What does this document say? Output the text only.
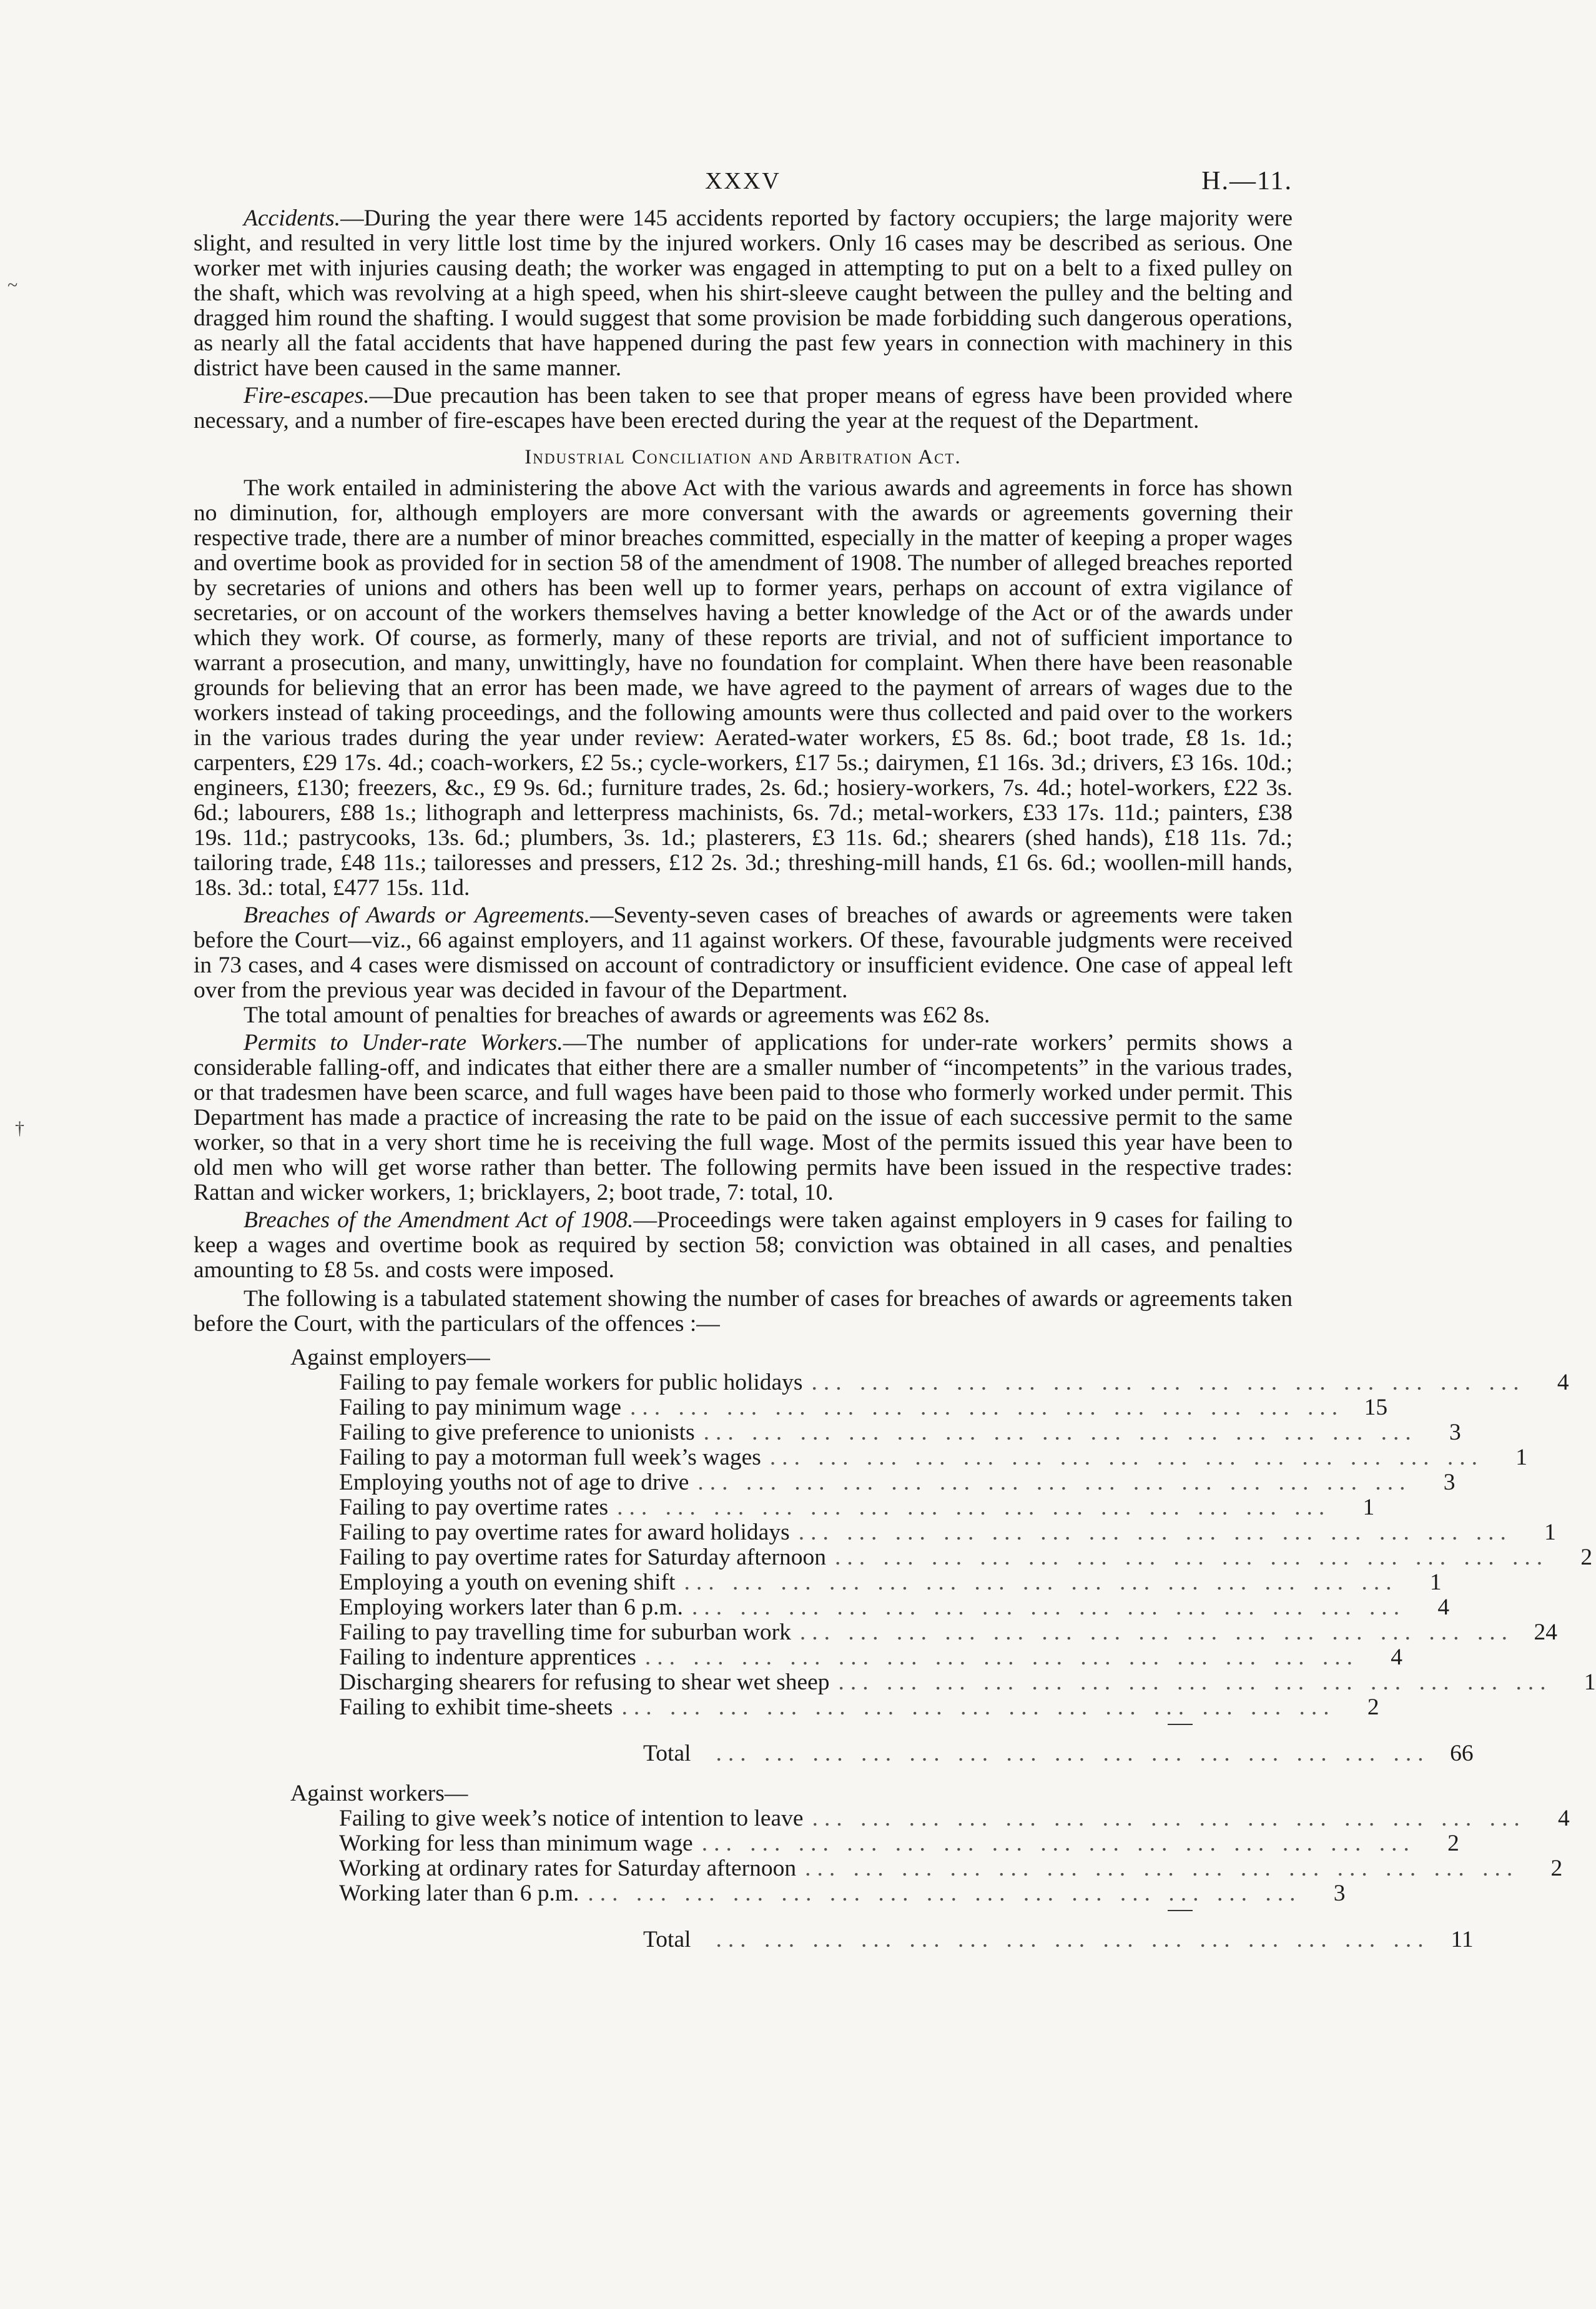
~
†
XXXV	H.—11.

Accidents.—During the year there were 145 accidents reported by factory occupiers; the large majority were slight, and resulted in very little lost time by the injured workers. Only 16 cases may be described as serious. One worker met with injuries causing death; the worker was engaged in attempting to put on a belt to a fixed pulley on the shaft, which was revolving at a high speed, when his shirt-sleeve caught between the pulley and the belting and dragged him round the shafting. I would suggest that some provision be made forbidding such dangerous operations, as nearly all the fatal accidents that have happened during the past few years in connection with machinery in this district have been caused in the same manner.

Fire-escapes.—Due precaution has been taken to see that proper means of egress have been provided where necessary, and a number of fire-escapes have been erected during the year at the request of the Department.

Industrial Conciliation and Arbitration Act.

The work entailed in administering the above Act with the various awards and agreements in force has shown no diminution, for, although employers are more conversant with the awards or agreements governing their respective trade, there are a number of minor breaches committed, especially in the matter of keeping a proper wages and overtime book as provided for in section 58 of the amendment of 1908. The number of alleged breaches reported by secretaries of unions and others has been well up to former years, perhaps on account of extra vigilance of secretaries, or on account of the workers themselves having a better knowledge of the Act or of the awards under which they work. Of course, as formerly, many of these reports are trivial, and not of sufficient importance to warrant a prosecution, and many, unwittingly, have no foundation for complaint. When there have been reasonable grounds for believing that an error has been made, we have agreed to the payment of arrears of wages due to the workers instead of taking proceedings, and the following amounts were thus collected and paid over to the workers in the various trades during the year under review: Aerated-water workers, £5 8s. 6d.; boot trade, £8 1s. 1d.; carpenters, £29 17s. 4d.; coach-workers, £2 5s.; cycle-workers, £17 5s.; dairymen, £1 16s. 3d.; drivers, £3 16s. 10d.; engineers, £130; freezers, &c., £9 9s. 6d.; furniture trades, 2s. 6d.; hosiery-workers, 7s. 4d.; hotel-workers, £22 3s. 6d.; labourers, £88 1s.; lithograph and letterpress machinists, 6s. 7d.; metal-workers, £33 17s. 11d.; painters, £38 19s. 11d.; pastrycooks, 13s. 6d.; plumbers, 3s. 1d.; plasterers, £3 11s. 6d.; shearers (shed hands), £18 11s. 7d.; tailoring trade, £48 11s.; tailoresses and pressers, £12 2s. 3d.; threshing-mill hands, £1 6s. 6d.; woollen-mill hands, 18s. 3d.: total, £477 15s. 11d.

Breaches of Awards or Agreements.—Seventy-seven cases of breaches of awards or agreements were taken before the Court—viz., 66 against employers, and 11 against workers. Of these, favourable judgments were received in 73 cases, and 4 cases were dismissed on account of contradictory or insufficient evidence. One case of appeal left over from the previous year was decided in favour of the Department.

The total amount of penalties for breaches of awards or agreements was £62 8s.

Permits to Under-rate Workers.—The number of applications for under-rate workers’ permits shows a considerable falling-off, and indicates that either there are a smaller number of “incompetents” in the various trades, or that tradesmen have been scarce, and full wages have been paid to those who formerly worked under permit. This Department has made a practice of increasing the rate to be paid on the issue of each successive permit to the same worker, so that in a very short time he is receiving the full wage. Most of the permits issued this year have been to old men who will get worse rather than better. The following permits have been issued in the respective trades: Rattan and wicker workers, 1; bricklayers, 2; boot trade, 7: total, 10.

Breaches of the Amendment Act of 1908.—Proceedings were taken against employers in 9 cases for failing to keep a wages and overtime book as required by section 58; conviction was obtained in all cases, and penalties amounting to £8 5s. and costs were imposed.

The following is a tabulated statement showing the number of cases for breaches of awards or agreements taken before the Court, with the particulars of the offences :—

Against employers—
Failing to pay female workers for public holidays ... ... ... ... ... ... ... ... ... ... ... ... ... ... ...	4
Failing to pay minimum wage ... ... ... ... ... ... ... ... ... ... ... ... ... ... ... 15
Failing to give preference to unionists ... ... ... ... ... ... ... ... ... ... ... ... ... ... ...	3
Failing to pay a motorman full week’s wages ... ... ... ... ... ... ... ... ... ... ... ... ... ... ...	1
Employing youths not of age to drive ... ... ... ... ... ... ... ... ... ... ... ... ... ... ...	3
Failing to pay overtime rates ... ... ... ... ... ... ... ... ... ... ... ... ... ... ...	1
Failing to pay overtime rates for award holidays ... ... ... ... ... ... ... ... ... ... ... ... ... ... ...	1
Failing to pay overtime rates for Saturday afternoon ... ... ... ... ... ... ... ... ... ... ... ... ... ... ...	2
Employing a youth on evening shift ... ... ... ... ... ... ... ... ... ... ... ... ... ... ...	1
Employing workers later than 6 p.m. ... ... ... ... ... ... ... ... ... ... ... ... ... ... ...	4
Failing to pay travelling time for suburban work ... ... ... ... ... ... ... ... ... ... ... ... ... ... ... 24
Failing to indenture apprentices ... ... ... ... ... ... ... ... ... ... ... ... ... ... ...	4
Discharging shearers for refusing to shear wet sheep ... ... ... ... ... ... ... ... ... ... ... ... ... ... ...	1
Failing to exhibit time-sheets ... ... ... ... ... ... ... ... ... ... ... ... ... ... ...	2
Total	... ... ... ... ... ... ... ... ... ... ... ... ... ... ... 66
Against workers—
Failing to give week’s notice of intention to leave ... ... ... ... ... ... ... ... ... ... ... ... ... ... ...	4
Working for less than minimum wage ... ... ... ... ... ... ... ... ... ... ... ... ... ... ...	2
Working at ordinary rates for Saturday afternoon ... ... ... ... ... ... ... ... ... ... ... ... ... ... ...	2
Working later than 6 p.m. ... ... ... ... ... ... ... ... ... ... ... ... ... ... ...	3
Total	... ... ... ... ... ... ... ... ... ... ... ... ... ... ... 11
